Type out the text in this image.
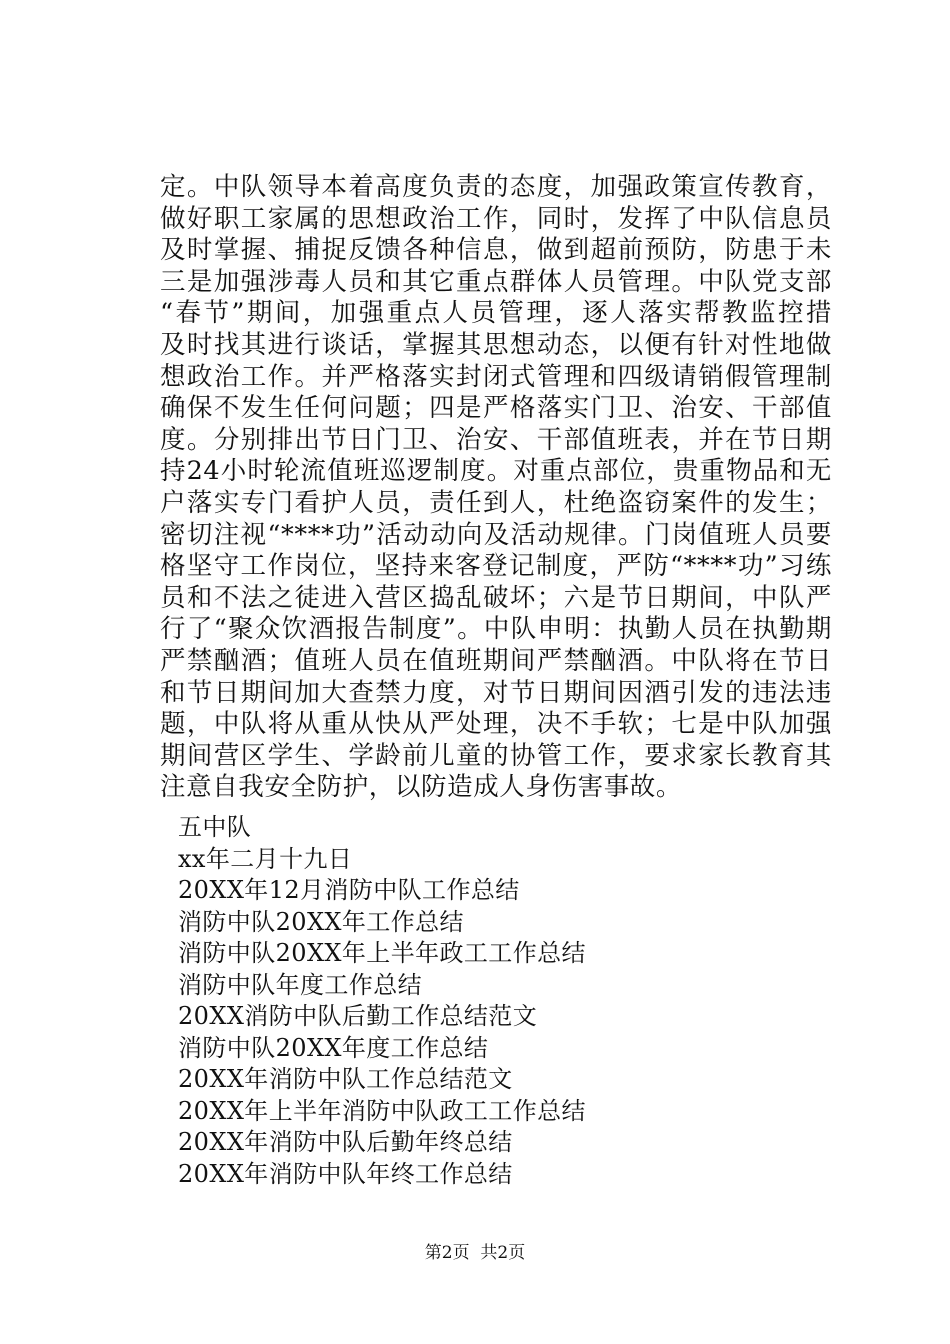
定。中队领导本着高度负责的态度，加强政策宣传教育，
做好职工家属的思想政治工作，同时，发挥了中队信息员
及时掌握、捕捉反馈各种信息，做到超前预防，防患于未
三是加强涉毒人员和其它重点群体人员管理。中队党支部
“春节”期间，加强重点人员管理，逐人落实帮教监控措
及时找其进行谈话，掌握其思想动态，以便有针对性地做
想政治工作。并严格落实封闭式管理和四级请销假管理制
确保不发生任何问题；四是严格落实门卫、治安、干部值
度。分别排出节日门卫、治安、干部值班表，并在节日期
持24小时轮流值班巡逻制度。对重点部位，贵重物品和无
户落实专门看护人员，责任到人，杜绝盗窃案件的发生；
密切注视“****功”活动动向及活动规律。门岗值班人员要
格坚守工作岗位，坚持来客登记制度，严防“****功”习练
员和不法之徒进入营区捣乱破坏；六是节日期间，中队严
行了“聚众饮酒报告制度”。中队申明：执勤人员在执勤期
严禁酗酒；值班人员在值班期间严禁酗酒。中队将在节日
和节日期间加大查禁力度，对节日期间因酒引发的违法违
题，中队将从重从快从严处理，决不手软；七是中队加强
期间营区学生、学龄前儿童的协管工作，要求家长教育其
注意自我安全防护，以防造成人身伤害事故。
五中队
xx年二月十九日
20XX年12月消防中队工作总结
消防中队20XX年工作总结
消防中队20XX年上半年政工工作总结
消防中队年度工作总结
20XX消防中队后勤工作总结范文
消防中队20XX年度工作总结
20XX年消防中队工作总结范文
20XX年上半年消防中队政工工作总结
20XX年消防中队后勤年终总结
20XX年消防中队年终工作总结
第2页 共2页
